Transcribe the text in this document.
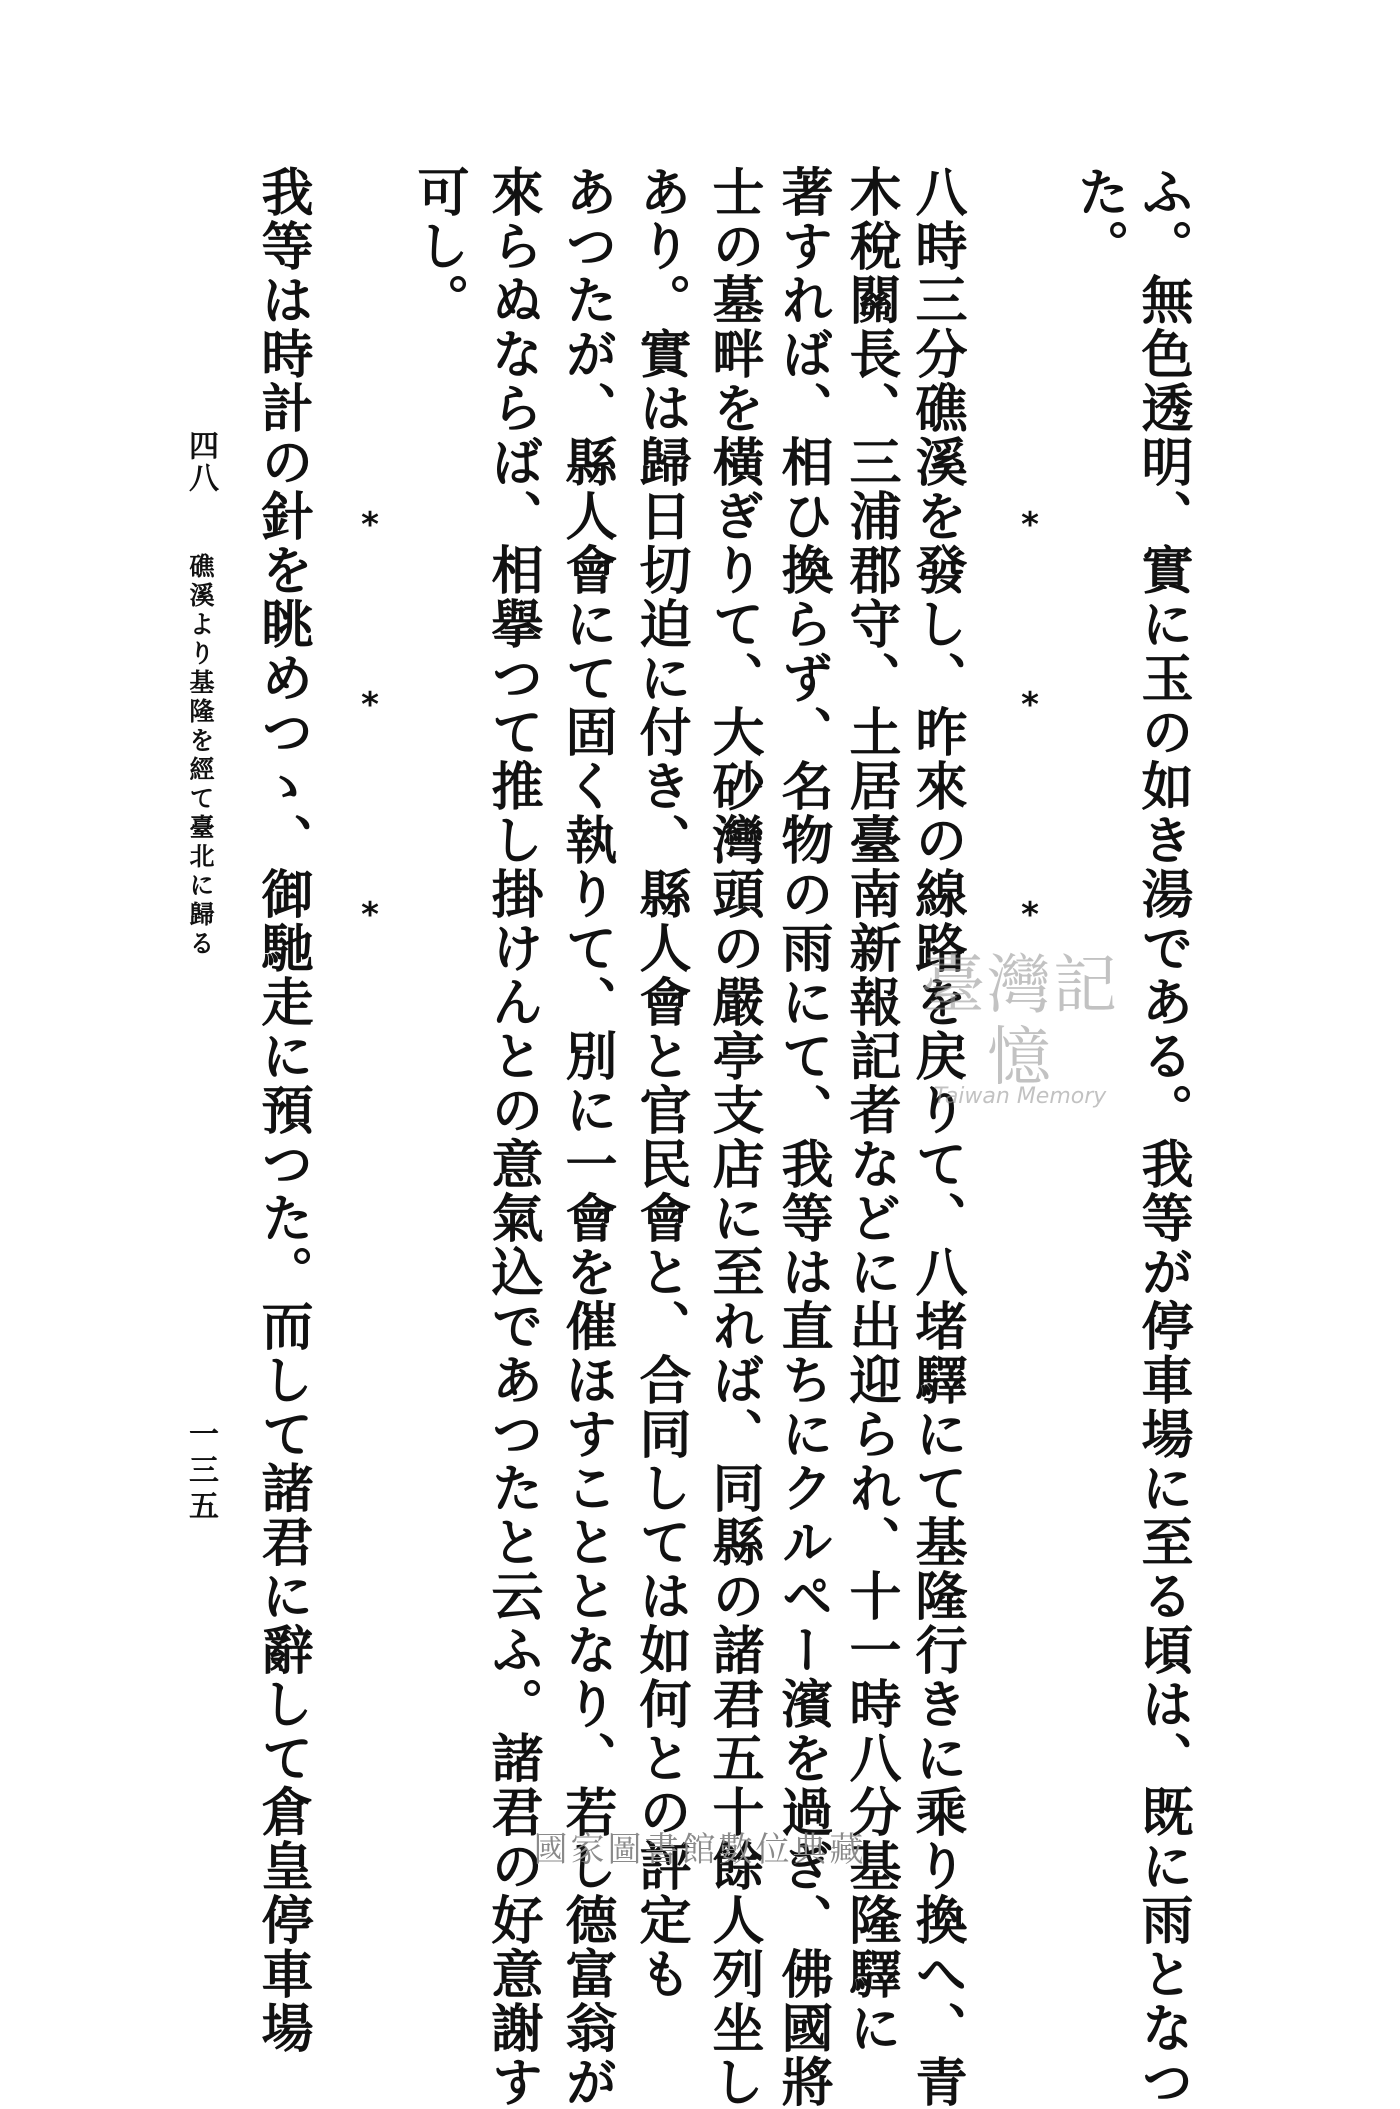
ふ。無色透明、實に玉の如き湯である。我等が停車場に至る頃は、既に雨となつ
た。
*
*
*
八時三分礁溪を發し、昨來の線路を戻りて、八堵驛にて基隆行きに乘り換へ、青
木稅關長、三浦郡守、土居臺南新報記者などに出迎られ、十一時八分基隆驛に
著すれば、相ひ換らず、名物の雨にて、我等は直ちにクルペー濱を過ぎ、佛國將
士の墓畔を橫ぎりて、大砂灣頭の嚴亭支店に至れば、同縣の諸君五十餘人列坐し
あり。實は歸日切迫に付き、縣人會と官民會と、合同しては如何との評定も
あつたが、縣人會にて固く執りて、別に一會を催ほすこととなり、若し德富翁が
來らぬならば、相擧つて推し掛けんとの意氣込であつたと云ふ。諸君の好意謝す
可し。
*
*
*
我等は時計の針を眺めつゝ、御馳走に預つた。而して諸君に辭して倉皇停車場
四八 礁溪より基隆を經て臺北に歸る 一三五
臺灣記憶
Taiwan Memory
國家圖書館數位典藏
